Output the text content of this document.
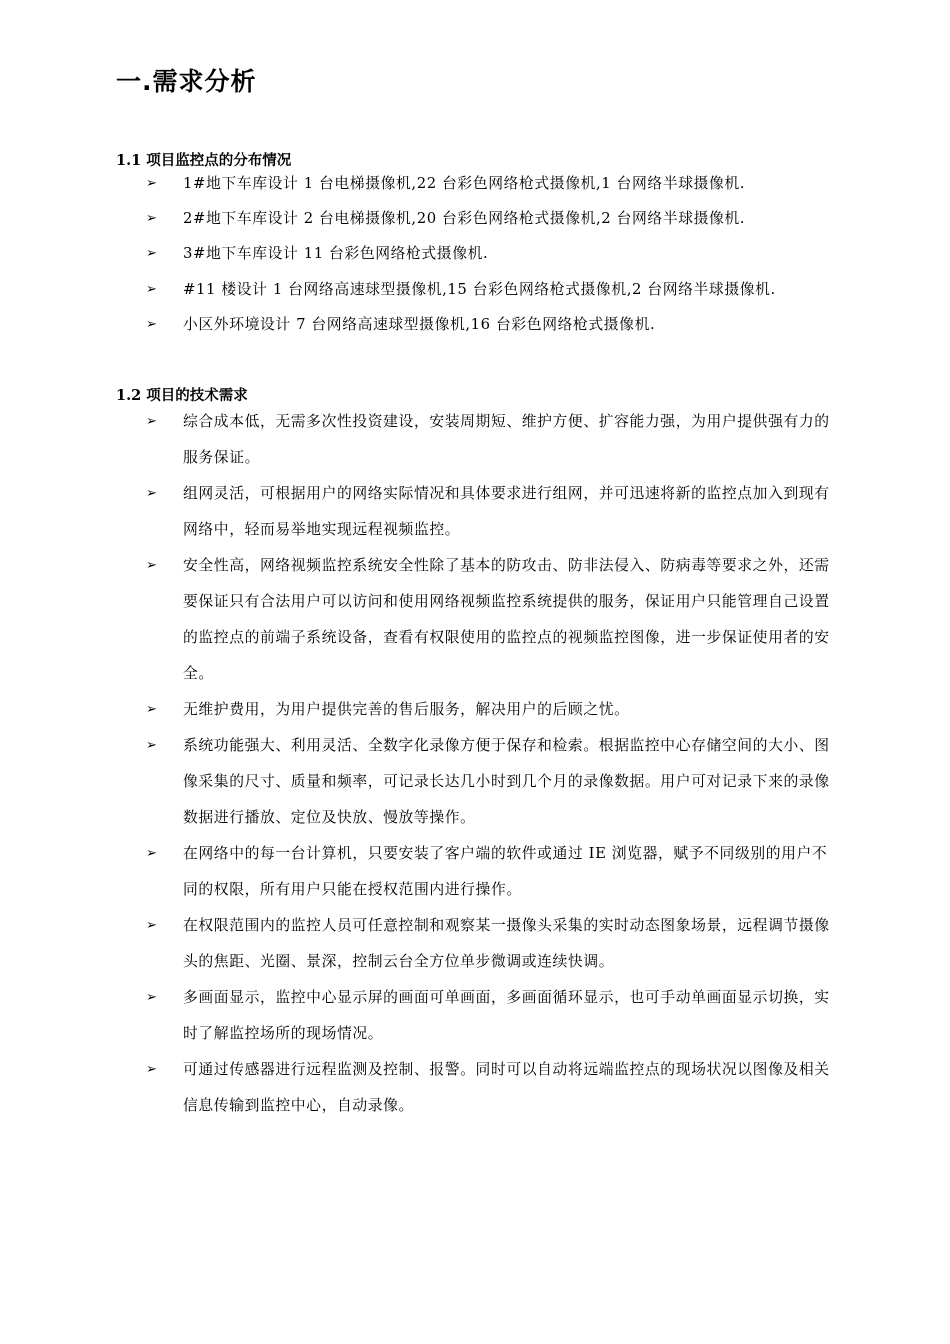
一.需求分析
1.1 项目监控点的分布情况
➢ 1#地下车库设计 1 台电梯摄像机,22 台彩色网络枪式摄像机,1 台网络半球摄像机.
➢ 2#地下车库设计 2 台电梯摄像机,20 台彩色网络枪式摄像机,2 台网络半球摄像机.
➢ 3#地下车库设计 11 台彩色网络枪式摄像机.
➢ #11 楼设计 1 台网络高速球型摄像机,15 台彩色网络枪式摄像机,2 台网络半球摄像机.
➢ 小区外环境设计 7 台网络高速球型摄像机,16 台彩色网络枪式摄像机.
1.2 项目的技术需求
➢ 综合成本低，无需多次性投资建设，安装周期短、维护方便、扩容能力强，为用户提供强有力的服务保证。
➢ 组网灵活，可根据用户的网络实际情况和具体要求进行组网，并可迅速将新的监控点加入到现有网络中，轻而易举地实现远程视频监控。
➢ 安全性高，网络视频监控系统安全性除了基本的防攻击、防非法侵入、防病毒等要求之外，还需要保证只有合法用户可以访问和使用网络视频监控系统提供的服务，保证用户只能管理自己设置的监控点的前端子系统设备，查看有权限使用的监控点的视频监控图像，进一步保证使用者的安全。
➢ 无维护费用，为用户提供完善的售后服务，解决用户的后顾之忧。
➢ 系统功能强大、利用灵活、全数字化录像方便于保存和检索。根据监控中心存储空间的大小、图像采集的尺寸、质量和频率，可记录长达几小时到几个月的录像数据。用户可对记录下来的录像数据进行播放、定位及快放、慢放等操作。
➢ 在网络中的每一台计算机，只要安装了客户端的软件或通过 IE 浏览器，赋予不同级别的用户不同的权限，所有用户只能在授权范围内进行操作。
➢ 在权限范围内的监控人员可任意控制和观察某一摄像头采集的实时动态图象场景，远程调节摄像头的焦距、光圈、景深，控制云台全方位单步微调或连续快调。
➢ 多画面显示，监控中心显示屏的画面可单画面，多画面循环显示，也可手动单画面显示切换，实时了解监控场所的现场情况。
➢ 可通过传感器进行远程监测及控制、报警。同时可以自动将远端监控点的现场状况以图像及相关信息传输到监控中心，自动录像。
